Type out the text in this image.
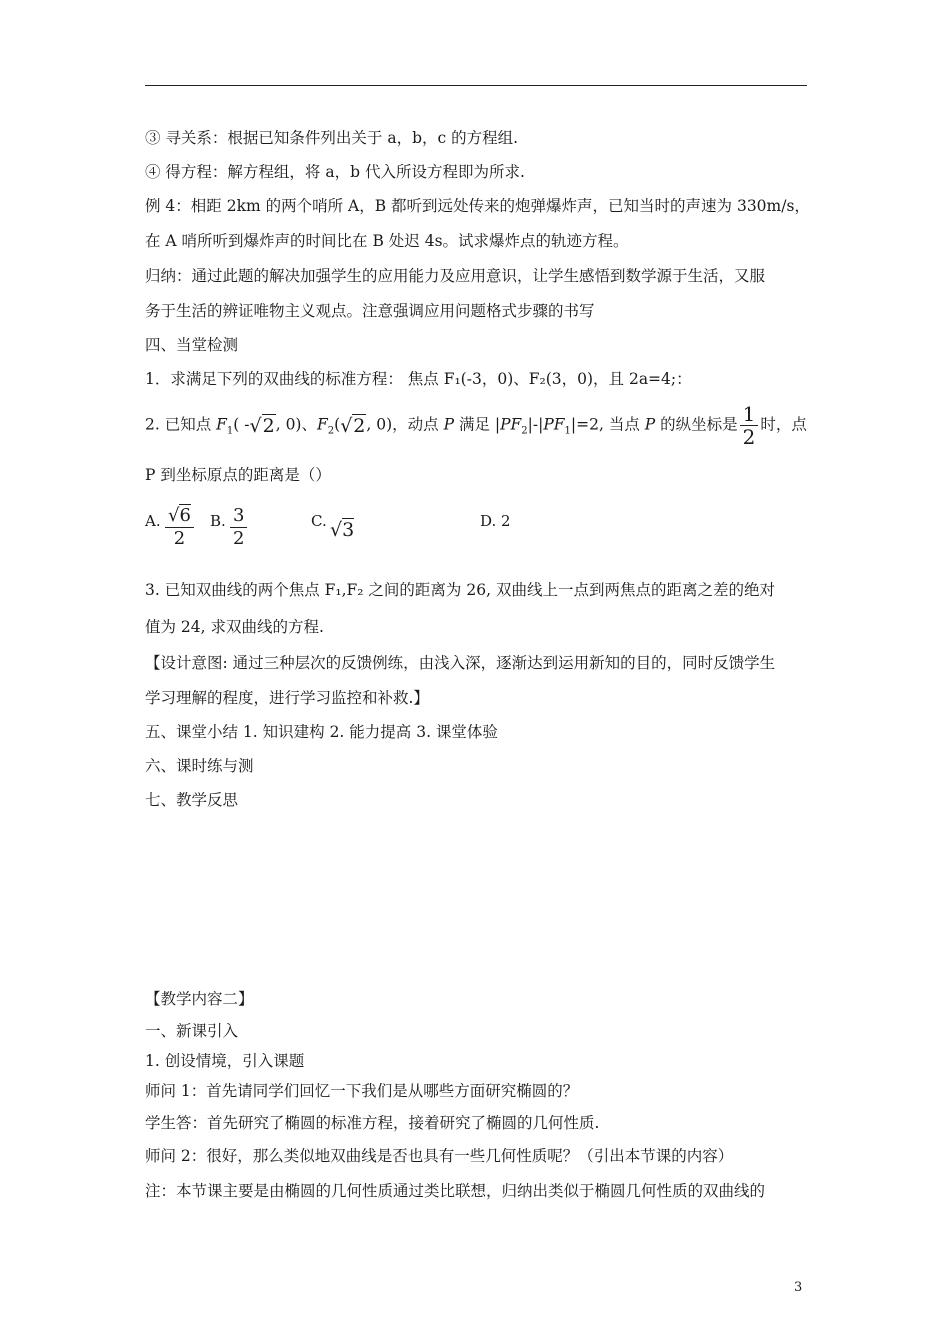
③ 寻关系：根据已知条件列出关于 a，b，c 的方程组.
④ 得方程：解方程组，将 a，b 代入所设方程即为所求.
例 4：相距 2km 的两个哨所 A，B 都听到远处传来的炮弹爆炸声，已知当时的声速为 330m/s，
在 A 哨所听到爆炸声的时间比在 B 处迟 4s。试求爆炸点的轨迹方程。
归纳：通过此题的解决加强学生的应用能力及应用意识，让学生感悟到数学源于生活，又服
务于生活的辨证唯物主义观点。注意强调应用问题格式步骤的书写
四、当堂检测
1．求满足下列的双曲线的标准方程： 焦点 F₁(-3，0)、F₂(3，0)，且 2a=4;：
2. 已知点 $F_1$( -√2, 0)、$F_2(√2$, 0)，动点 P 满足 $|PF_2|-|PF_1|=2$, 当点 P 的纵坐标是 $\frac{1}{2}$ 时，点
P 到坐标原点的距离是（）
A. $\frac{√6}{2} B$. $\frac{3}{2}$	C. √3	D. 2
3. 已知双曲线的两个焦点 F₁,F₂ 之间的距离为 26, 双曲线上一点到两焦点的距离之差的绝对
值为 24, 求双曲线的方程.
【设计意图: 通过三种层次的反馈例练，由浅入深，逐渐达到运用新知的目的，同时反馈学生
学习理解的程度，进行学习监控和补救.】
五、课堂小结 1. 知识建构 2. 能力提高 3. 课堂体验
六、课时练与测
七、教学反思
【教学内容二】
一、新课引入
1. 创设情境，引入课题
师问 1：首先请同学们回忆一下我们是从哪些方面研究椭圆的？
学生答：首先研究了椭圆的标准方程，接着研究了椭圆的几何性质.
师问 2：很好，那么类似地双曲线是否也具有一些几何性质呢？（引出本节课的内容）
注：本节课主要是由椭圆的几何性质通过类比联想，归纳出类似于椭圆几何性质的双曲线的
3
